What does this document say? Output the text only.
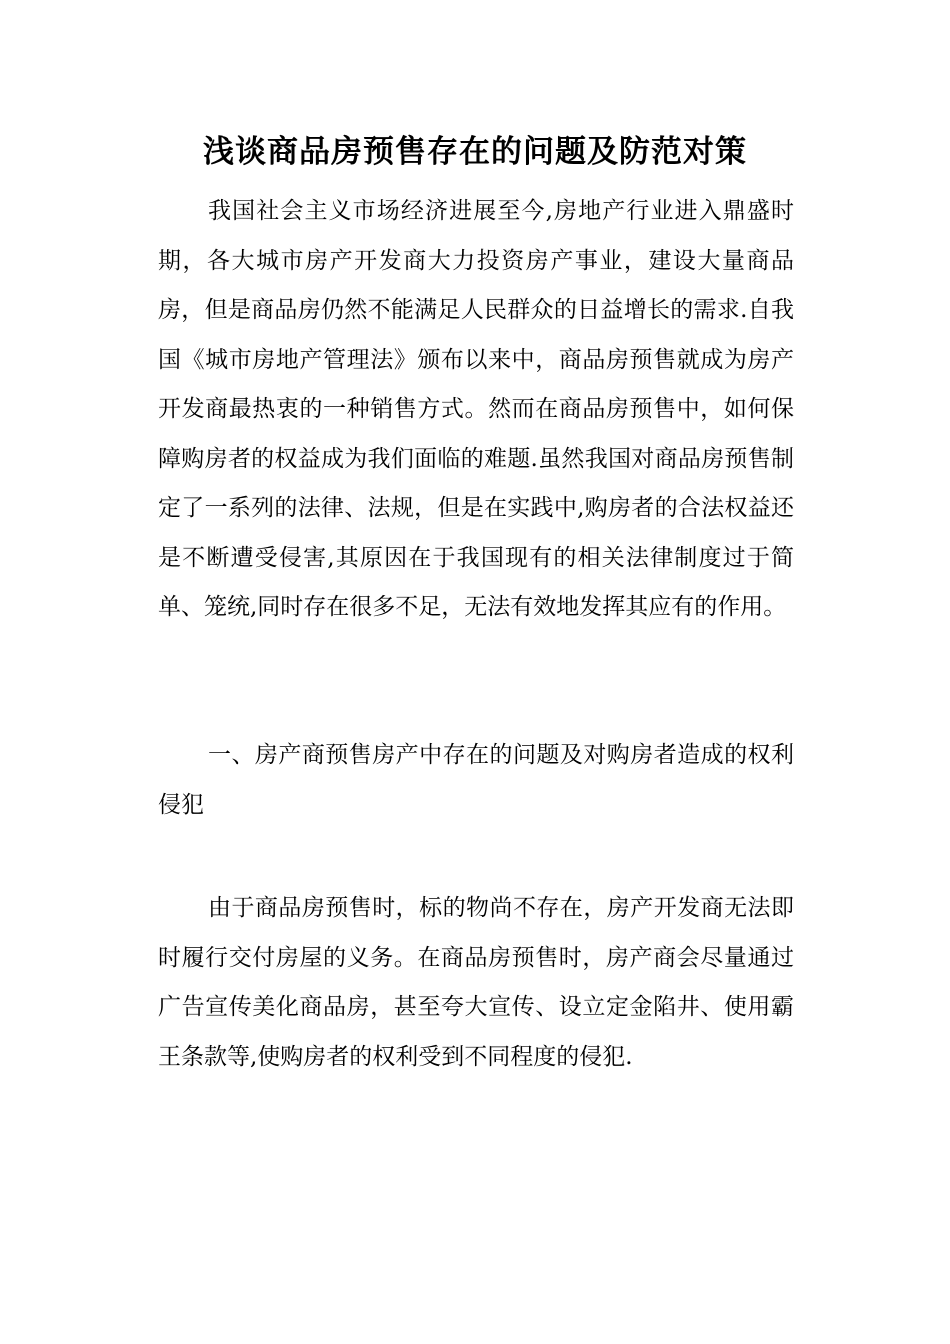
浅谈商品房预售存在的问题及防范对策

我国社会主义市场经济进展至今,房地产行业进入鼎盛时期，各大城市房产开发商大力投资房产事业，建设大量商品房，但是商品房仍然不能满足人民群众的日益增长的需求.自我国《城市房地产管理法》颁布以来中，商品房预售就成为房产开发商最热衷的一种销售方式。然而在商品房预售中，如何保障购房者的权益成为我们面临的难题.虽然我国对商品房预售制定了一系列的法律、法规，但是在实践中,购房者的合法权益还是不断遭受侵害,其原因在于我国现有的相关法律制度过于简单、笼统,同时存在很多不足，无法有效地发挥其应有的作用。

一、房产商预售房产中存在的问题及对购房者造成的权利侵犯

由于商品房预售时，标的物尚不存在，房产开发商无法即时履行交付房屋的义务。在商品房预售时，房产商会尽量通过广告宣传美化商品房，甚至夸大宣传、设立定金陷井、使用霸王条款等,使购房者的权利受到不同程度的侵犯.
